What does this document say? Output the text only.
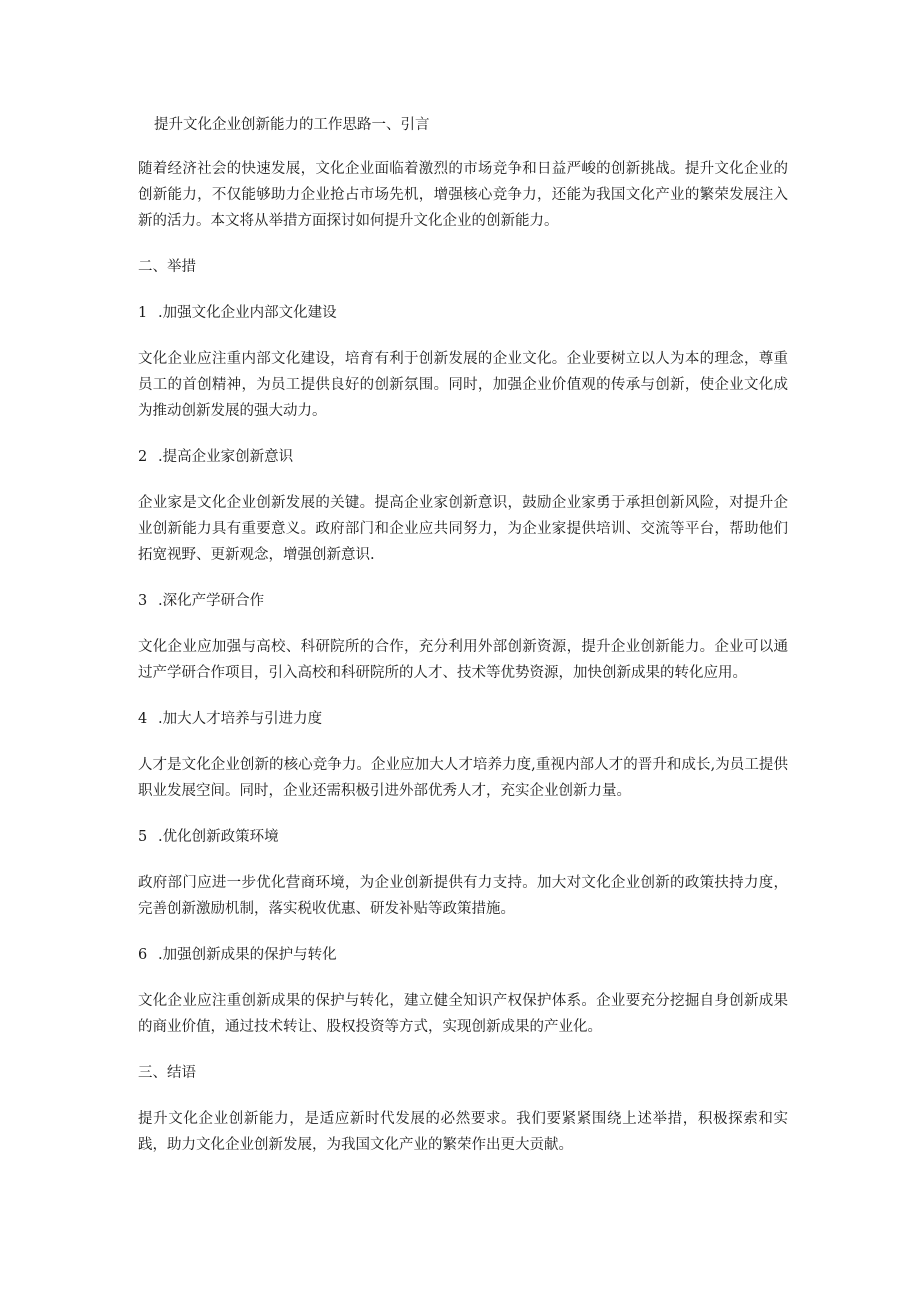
提升文化企业创新能力的工作思路一、引言

随着经济社会的快速发展，文化企业面临着激烈的市场竞争和日益严峻的创新挑战。提升文化企业的创新能力，不仅能够助力企业抢占市场先机，增强核心竞争力，还能为我国文化产业的繁荣发展注入新的活力。本文将从举措方面探讨如何提升文化企业的创新能力。

二、举措

1 .加强文化企业内部文化建设

文化企业应注重内部文化建设，培育有利于创新发展的企业文化。企业要树立以人为本的理念，尊重员工的首创精神，为员工提供良好的创新氛围。同时，加强企业价值观的传承与创新，使企业文化成为推动创新发展的强大动力。

2 .提高企业家创新意识

企业家是文化企业创新发展的关键。提高企业家创新意识，鼓励企业家勇于承担创新风险，对提升企业创新能力具有重要意义。政府部门和企业应共同努力，为企业家提供培训、交流等平台，帮助他们拓宽视野、更新观念，增强创新意识.

3 .深化产学研合作

文化企业应加强与高校、科研院所的合作，充分利用外部创新资源，提升企业创新能力。企业可以通过产学研合作项目，引入高校和科研院所的人才、技术等优势资源，加快创新成果的转化应用。

4 .加大人才培养与引进力度

人才是文化企业创新的核心竞争力。企业应加大人才培养力度,重视内部人才的晋升和成长,为员工提供职业发展空间。同时，企业还需积极引进外部优秀人才，充实企业创新力量。

5 .优化创新政策环境

政府部门应进一步优化营商环境，为企业创新提供有力支持。加大对文化企业创新的政策扶持力度，完善创新激励机制，落实税收优惠、研发补贴等政策措施。

6 .加强创新成果的保护与转化

文化企业应注重创新成果的保护与转化，建立健全知识产权保护体系。企业要充分挖掘自身创新成果的商业价值，通过技术转让、股权投资等方式，实现创新成果的产业化。

三、结语

提升文化企业创新能力，是适应新时代发展的必然要求。我们要紧紧围绕上述举措，积极探索和实践，助力文化企业创新发展，为我国文化产业的繁荣作出更大贡献。
